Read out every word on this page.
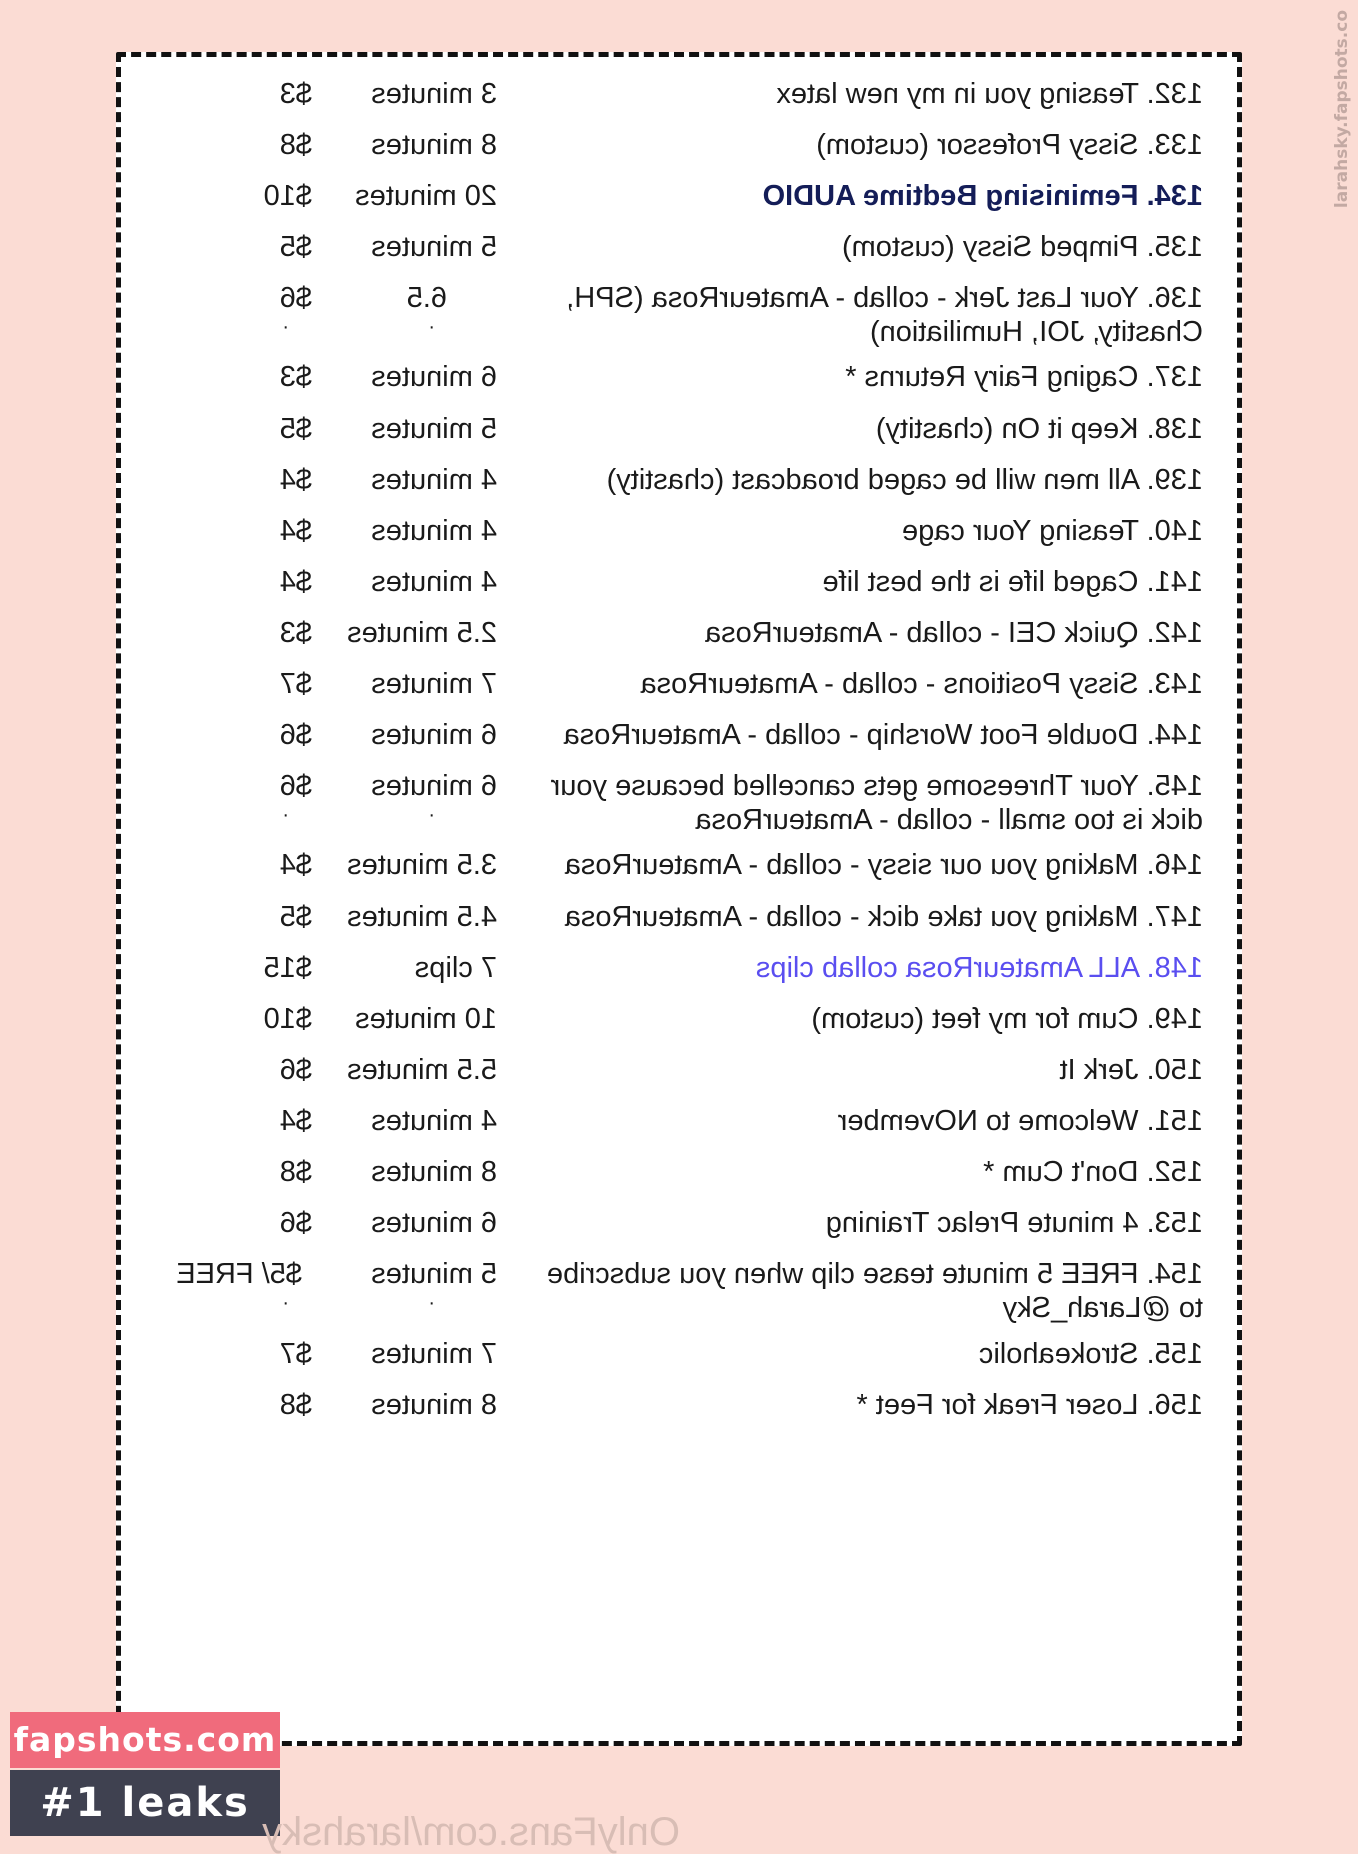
132. Teasing you in my new latex
3 minutes
$3
133. Sissy Professor (custom)
8 minutes
$8
134. Feminising Bedtime AUDIO
20 minutes
$10
135. Pimped Sissy (custom)
5 minutes
$5
136. Your Last Jerk - collab - AmateurRosa (SPH,
Chastity, JOI, Humiliation)
6.5
$6
·
·
137. Caging Fairy Returns *
6 minutes
$3
138. Keep it On (chastity)
5 minutes
$5
139. All men will be caged broadcast (chastity)
4 minutes
$4
140. Teasing Your cage
4 minutes
$4
141. Caged life is the best life
4 minutes
$4
142. Quick CEI - collab - AmateurRosa
2.5 minutes
$3
143. Sissy Positions - collab - AmateurRosa
7 minutes
$7
144. Double Foot Worship - collab - AmateurRosa
6 minutes
$6
145. Your Threesome gets cancelled because your
dick is too small - collab - AmateurRosa
6 minutes
$6
·
·
146. Making you our sissy - collab - AmateurRosa
3.5 minutes
$4
147. Making you take dick - collab - AmateurRosa
4.5 minutes
$5
148. ALL AmateurRosa collab clips
7 clips
$15
149. Cum for my feet (custom)
10 minutes
$10
150. Jerk It
5.5 minutes
$6
151. Welcome to NOvember
4 minutes
$4
152. Don't Cum *
8 minutes
$8
153. 4 minute Prelac Training
6 minutes
$6
154. FREE 5 minute tease clip when you subscribe
to @Larah_Sky
5 minutes
$5/ FREE
·
·
155. Strokeaholic
7 minutes
$7
156. Loser Freak for Feet *
8 minutes
$8
larahsky.fapshots.co
fapshots.com
#1 leaks
OnlyFans.com/larahsky
